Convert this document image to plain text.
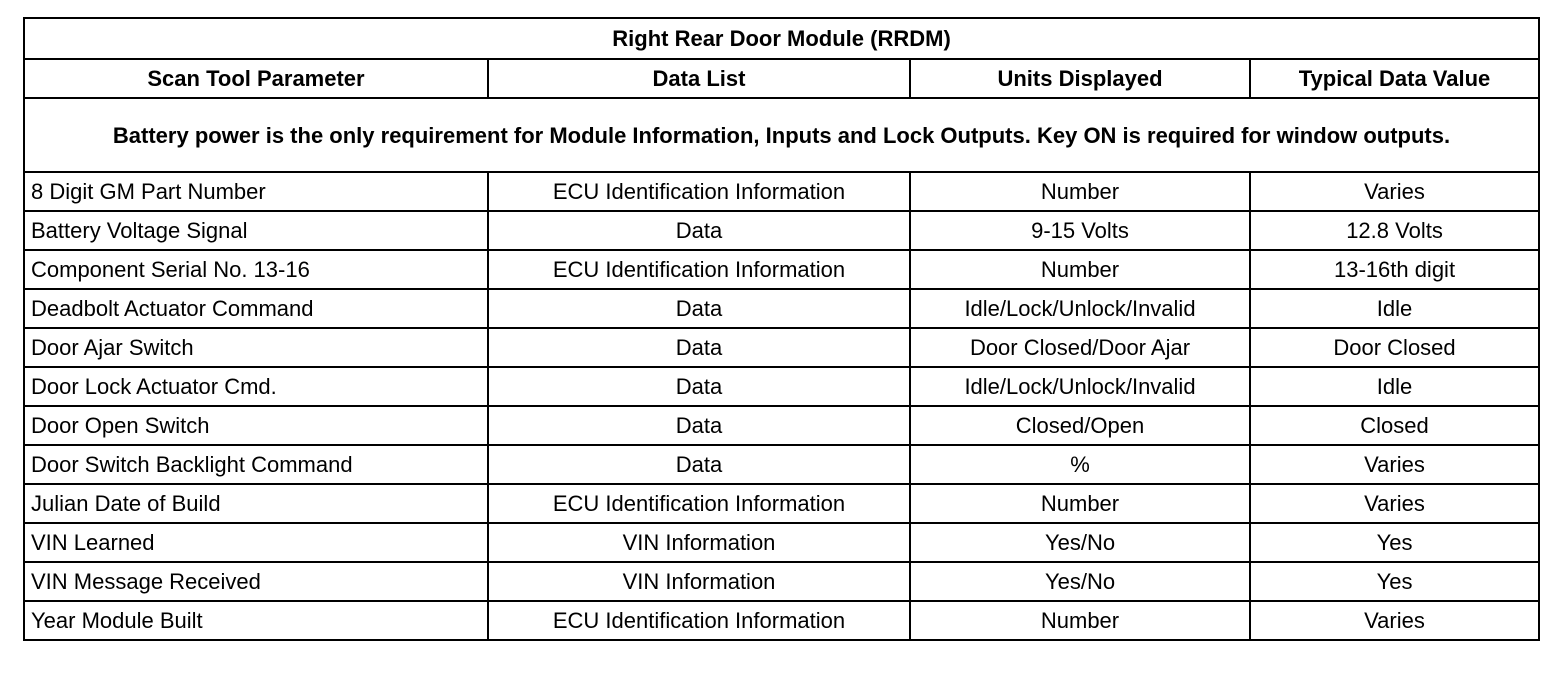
Right Rear Door Module (RRDM)			
Scan Tool Parameter	Data List	Units Displayed	Typical Data Value
Battery power is the only requirement for Module Information, Inputs and Lock Outputs. Key ON is required for window outputs.			
8 Digit GM Part Number	ECU Identification Information	Number	Varies
Battery Voltage Signal	Data	9-15 Volts	12.8 Volts
Component Serial No. 13-16	ECU Identification Information	Number	13-16th digit
Deadbolt Actuator Command	Data	Idle/Lock/Unlock/Invalid	Idle
Door Ajar Switch	Data	Door Closed/Door Ajar	Door Closed
Door Lock Actuator Cmd.	Data	Idle/Lock/Unlock/Invalid	Idle
Door Open Switch	Data	Closed/Open	Closed
Door Switch Backlight Command	Data	%	Varies
Julian Date of Build	ECU Identification Information	Number	Varies
VIN Learned	VIN Information	Yes/No	Yes
VIN Message Received	VIN Information	Yes/No	Yes
Year Module Built	ECU Identification Information	Number	Varies
